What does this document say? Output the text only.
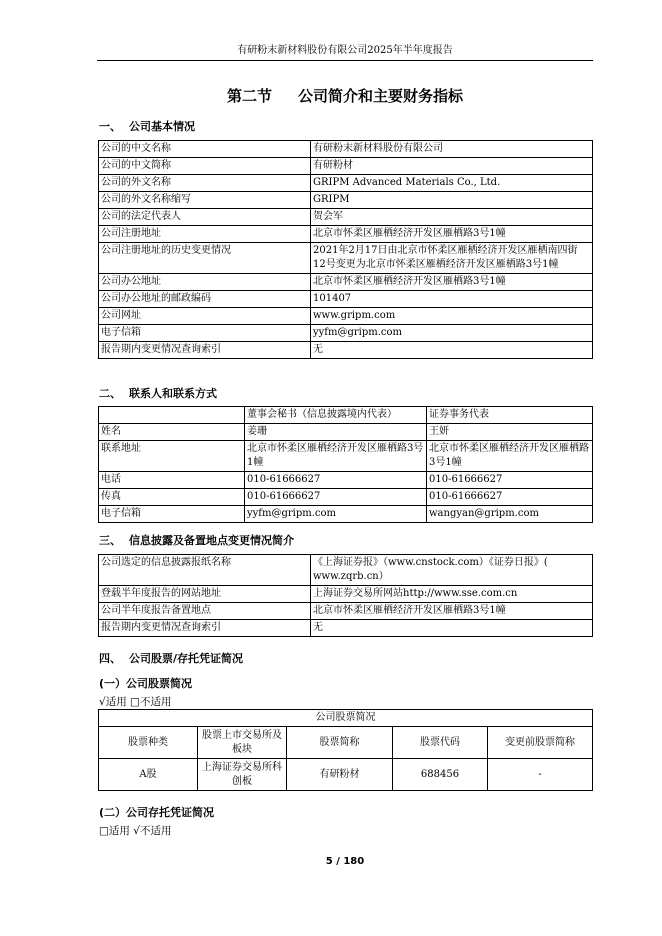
有研粉末新材料股份有限公司2025年半年度报告
第二节 公司简介和主要财务指标
一、 公司基本情况
公司的中文名称	有研粉末新材料股份有限公司
公司的中文简称	有研粉材
公司的外文名称	GRIPM Advanced Materials Co., Ltd.
公司的外文名称缩写	GRIPM
公司的法定代表人	贺会军
公司注册地址	北京市怀柔区雁栖经济开发区雁栖路3号1幢
公司注册地址的历史变更情况	2021年2月17日由北京市怀柔区雁栖经济开发区雁栖南四街12号变更为北京市怀柔区雁栖经济开发区雁栖路3号1幢
公司办公地址	北京市怀柔区雁栖经济开发区雁栖路3号1幢
公司办公地址的邮政编码	101407
公司网址	www.gripm.com
电子信箱	yyfm@gripm.com
报告期内变更情况查询索引	无
二、 联系人和联系方式
	董事会秘书（信息披露境内代表）	证券事务代表
姓名	姜珊	王妍
联系地址	北京市怀柔区雁栖经济开发区雁栖路3号1幢	北京市怀柔区雁栖经济开发区雁栖路3号1幢
电话	010-61666627	010-61666627
传真	010-61666627	010-61666627
电子信箱	yyfm@gripm.com	wangyan@gripm.com
三、 信息披露及备置地点变更情况简介
公司选定的信息披露报纸名称	《上海证券报》（www.cnstock.com）《证券日报》( www.zqrb.cn）
登载半年度报告的网站地址	上海证券交易所网站http://www.sse.com.cn
公司半年度报告备置地点	北京市怀柔区雁栖经济开发区雁栖路3号1幢
报告期内变更情况查询索引	无
四、 公司股票/存托凭证简况
(一）公司股票简况
√适用 □不适用
公司股票简况				
股票种类	股票上市交易所及板块	股票简称	股票代码	变更前股票简称
A股	上海证券交易所科创板	有研粉材	688456	-
(二）公司存托凭证简况
□适用 √不适用
5 / 180
